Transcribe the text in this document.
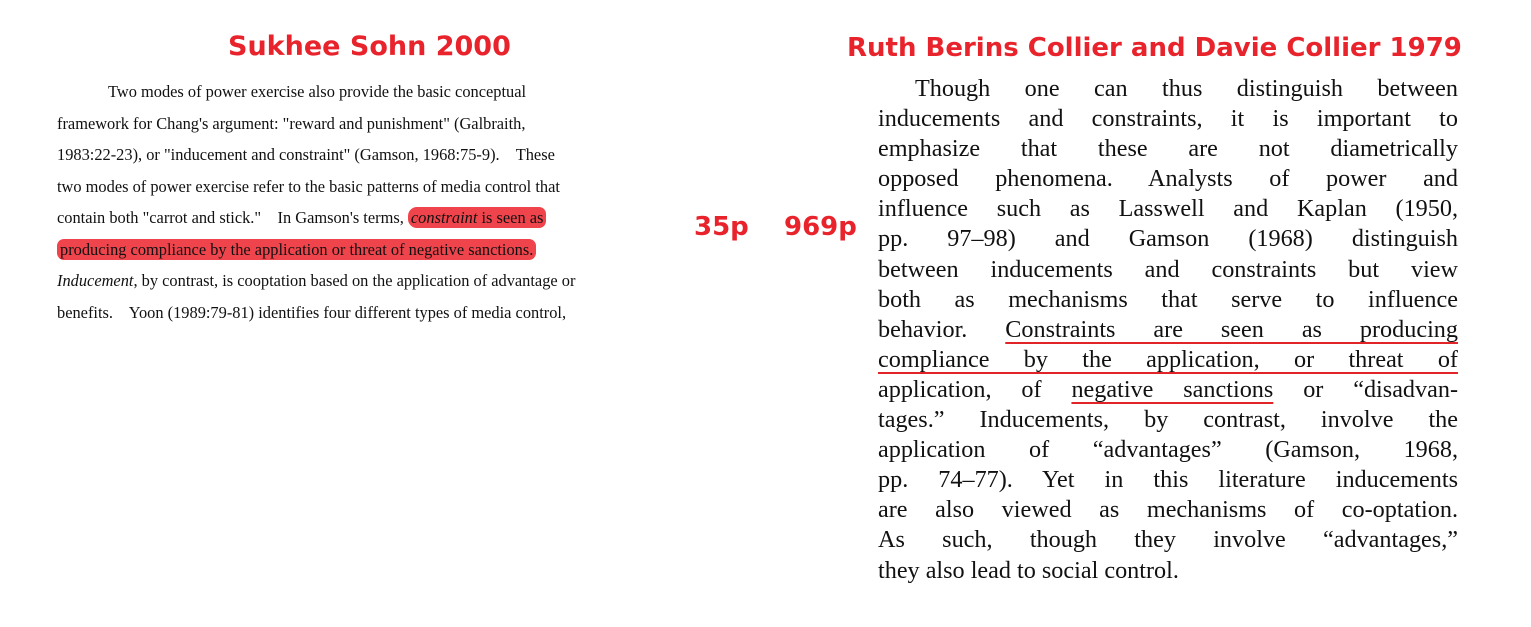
Sukhee Sohn 2000	Ruth Berins Collier and Davie Collier 1979
35p 969p
Two modes of power exercise also provide the basic conceptual
framework for Chang's argument: "reward and punishment" (Galbraith,
1983:22-23), or "inducement and constraint" (Gamson, 1968:75-9).    These
two modes of power exercise refer to the basic patterns of media control that
contain both "carrot and stick."    In Gamson's terms, constraint is seen as
producing compliance by the application or threat of negative sanctions.
Inducement, by contrast, is cooptation based on the application of advantage or
benefits.    Yoon (1989:79-81) identifies four different types of media control,
Though one can thus distinguish between
inducements and constraints, it is important to
emphasize that these are not diametrically
opposed phenomena. Analysts of power and
influence such as Lasswell and Kaplan (1950,
pp. 97–98) and Gamson (1968) distinguish
between inducements and constraints but view
both as mechanisms that serve to influence
behavior. Constraints are seen as producing
compliance by the application, or threat of
application, of negative sanctions or “disadvan-
tages.” Inducements, by contrast, involve the
application of “advantages” (Gamson, 1968,
pp. 74–77). Yet in this literature inducements
are also viewed as mechanisms of co-optation.
As such, though they involve “advantages,”
they also lead to social control.
